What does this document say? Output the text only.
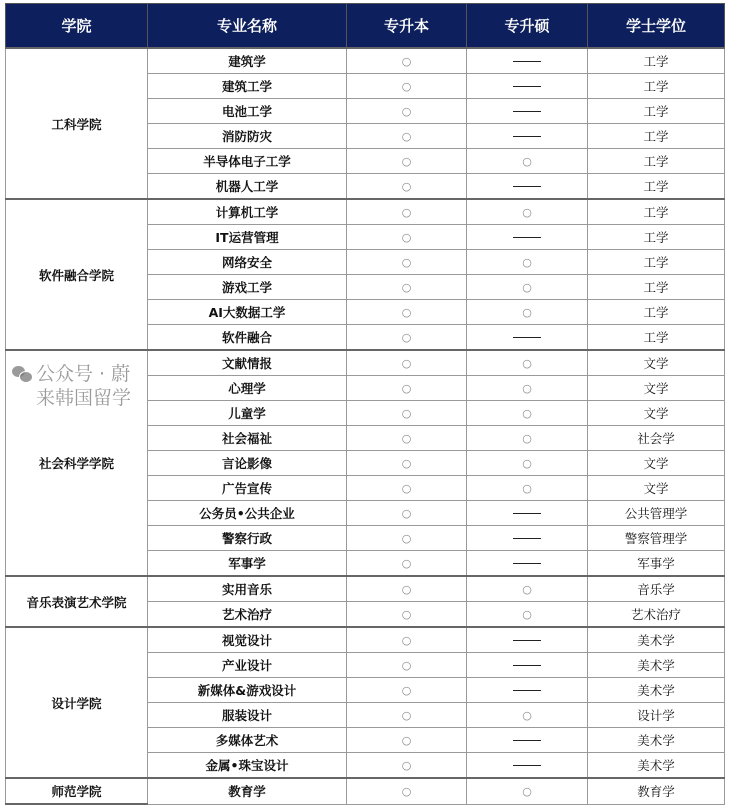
学院	专业名称	专升本	专升硕	学士学位
工科学院	建筑学	○		工学
	建筑工学	○		工学
	电池工学	○		工学
	消防防灾	○		工学
	半导体电子工学	○	○	工学
	机器人工学	○		工学
软件融合学院	计算机工学	○	○	工学
	IT运营管理	○		工学
	网络安全	○	○	工学
	游戏工学	○	○	工学
	AI大数据工学	○	○	工学
	软件融合	○		工学
社会科学学院	文献情报	○	○	文学
	心理学	○	○	文学
	儿童学	○	○	文学
	社会福祉	○	○	社会学
	言论影像	○	○	文学
	广告宣传	○	○	文学
	公务员•公共企业	○		公共管理学
	警察行政	○		警察管理学
	军事学	○		军事学
音乐表演艺术学院	实用音乐	○	○	音乐学
	艺术治疗	○	○	艺术治疗
设计学院	视觉设计	○		美术学
	产业设计	○		美术学
	新媒体&游戏设计	○		美术学
	服装设计	○	○	设计学
	多媒体艺术	○		美术学
	金属•珠宝设计	○		美术学
师范学院	教育学	○	○	教育学
公众号 · 蔚来韩国留学
